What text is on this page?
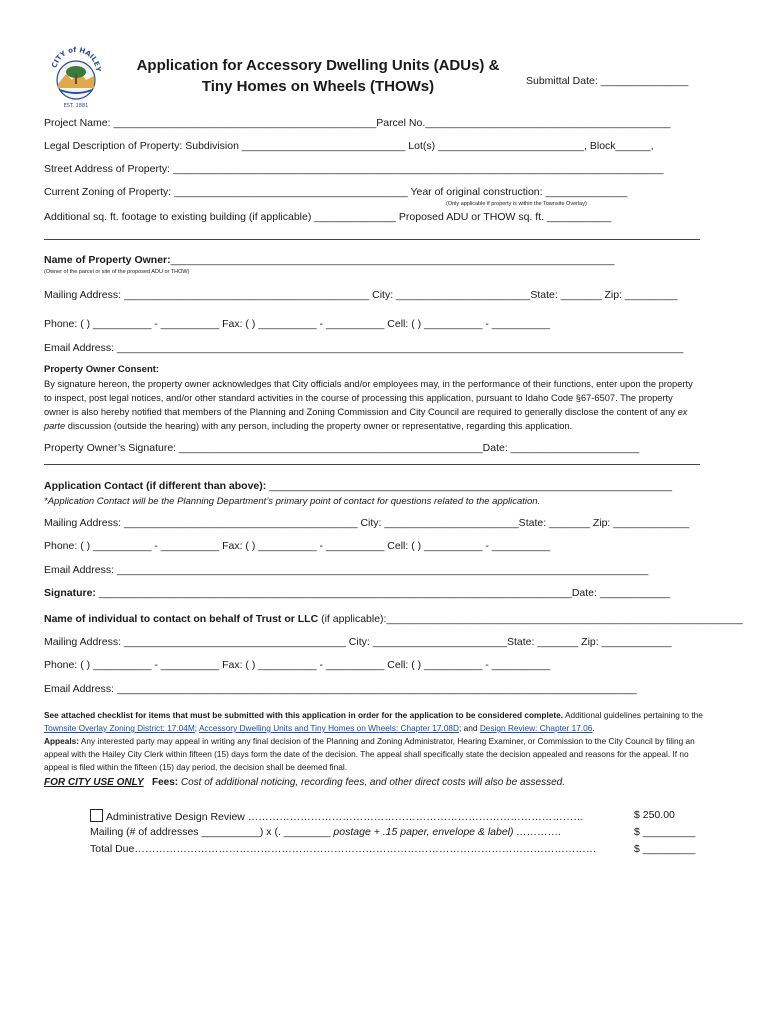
CITY of HAILEY
EST. 1881
Application for Accessory Dwelling Units (ADUs) &
Tiny Homes on Wheels (THOWs)	Submittal Date: _______________
Project Name: _____________________________________________Parcel No.__________________________________________
Legal Description of Property: Subdivision ____________________________ Lot(s) _________________________, Block______,
Street Address of Property: ____________________________________________________________________________________
Current Zoning of Property: ________________________________________ Year of original construction: ______________
(Only applicable if property is within the Townsite Overlay)
Additional sq. ft. footage to existing building (if applicable) ______________ Proposed ADU or THOW sq. ft. ___________
Name of Property Owner:____________________________________________________________________________
(Owner of the parcel or site of the proposed ADU or THOW)
Mailing Address: __________________________________________ City: _______________________State: _______ Zip: _________
Phone: ( ) __________ - __________ Fax: ( ) __________ - __________ Cell: ( ) __________ - __________
Email Address: _________________________________________________________________________________________________
Property Owner Consent:
By signature hereon, the property owner acknowledges that City officials and/or employees may, in the performance of their functions, enter upon the property to inspect, post legal notices, and/or other standard activities in the course of processing this application, pursuant to Idaho Code §67-6507. The property owner is also hereby notified that members of the Planning and Zoning Commission and City Council are required to generally disclose the content of any ex parte discussion (outside the hearing) with any person, including the property owner or representative, regarding this application.
Property Owner’s Signature: ____________________________________________________Date: ______________________
Application Contact (if different than above): _____________________________________________________________________
*Application Contact will be the Planning Department’s primary point of contact for questions related to the application.
Mailing Address: ________________________________________ City: _______________________State: _______ Zip: _____________
Phone: ( ) __________ - __________ Fax: ( ) __________ - __________ Cell: ( ) __________ - __________
Email Address: ___________________________________________________________________________________________
Signature: _________________________________________________________________________________Date: ____________
Name of individual to contact on behalf of Trust or LLC (if applicable):_____________________________________________________________
Mailing Address: ______________________________________ City: _______________________State: _______ Zip: ____________
Phone: ( ) __________ - __________ Fax: ( ) __________ - __________ Cell: ( ) __________ - __________
Email Address: _________________________________________________________________________________________
See attached checklist for items that must be submitted with this application in order for the application to be considered complete. Additional guidelines pertaining to the Townsite Overlay Zoning District: 17.04M; Accessory Dwelling Units and Tiny Homes on Wheels: Chapter 17.08D; and Design Review: Chapter 17.06.
Appeals: Any interested party may appeal in writing any final decision of the Planning and Zoning Administrator, Hearing Examiner, or Commission to the City Council by filing an appeal with the Hailey City Clerk within fifteen (15) days form the date of the decision. The appeal shall specifically state the decision appealed and reasons for the appeal. If no appeal is filed within the fifteen (15) day period, the decision shall be deemed final.
FOR CITY USE ONLY Fees: Cost of additional noticing, recording fees, and other direct costs will also be assessed.
Administrative Design Review ……………………………………………………………………………………	$ 250.00
Mailing (# of addresses __________) x (. ________ postage + .15 paper, envelope & label) ………….	$ _________
Total Due……………………………………………………………………………………………………………………	$ _________
